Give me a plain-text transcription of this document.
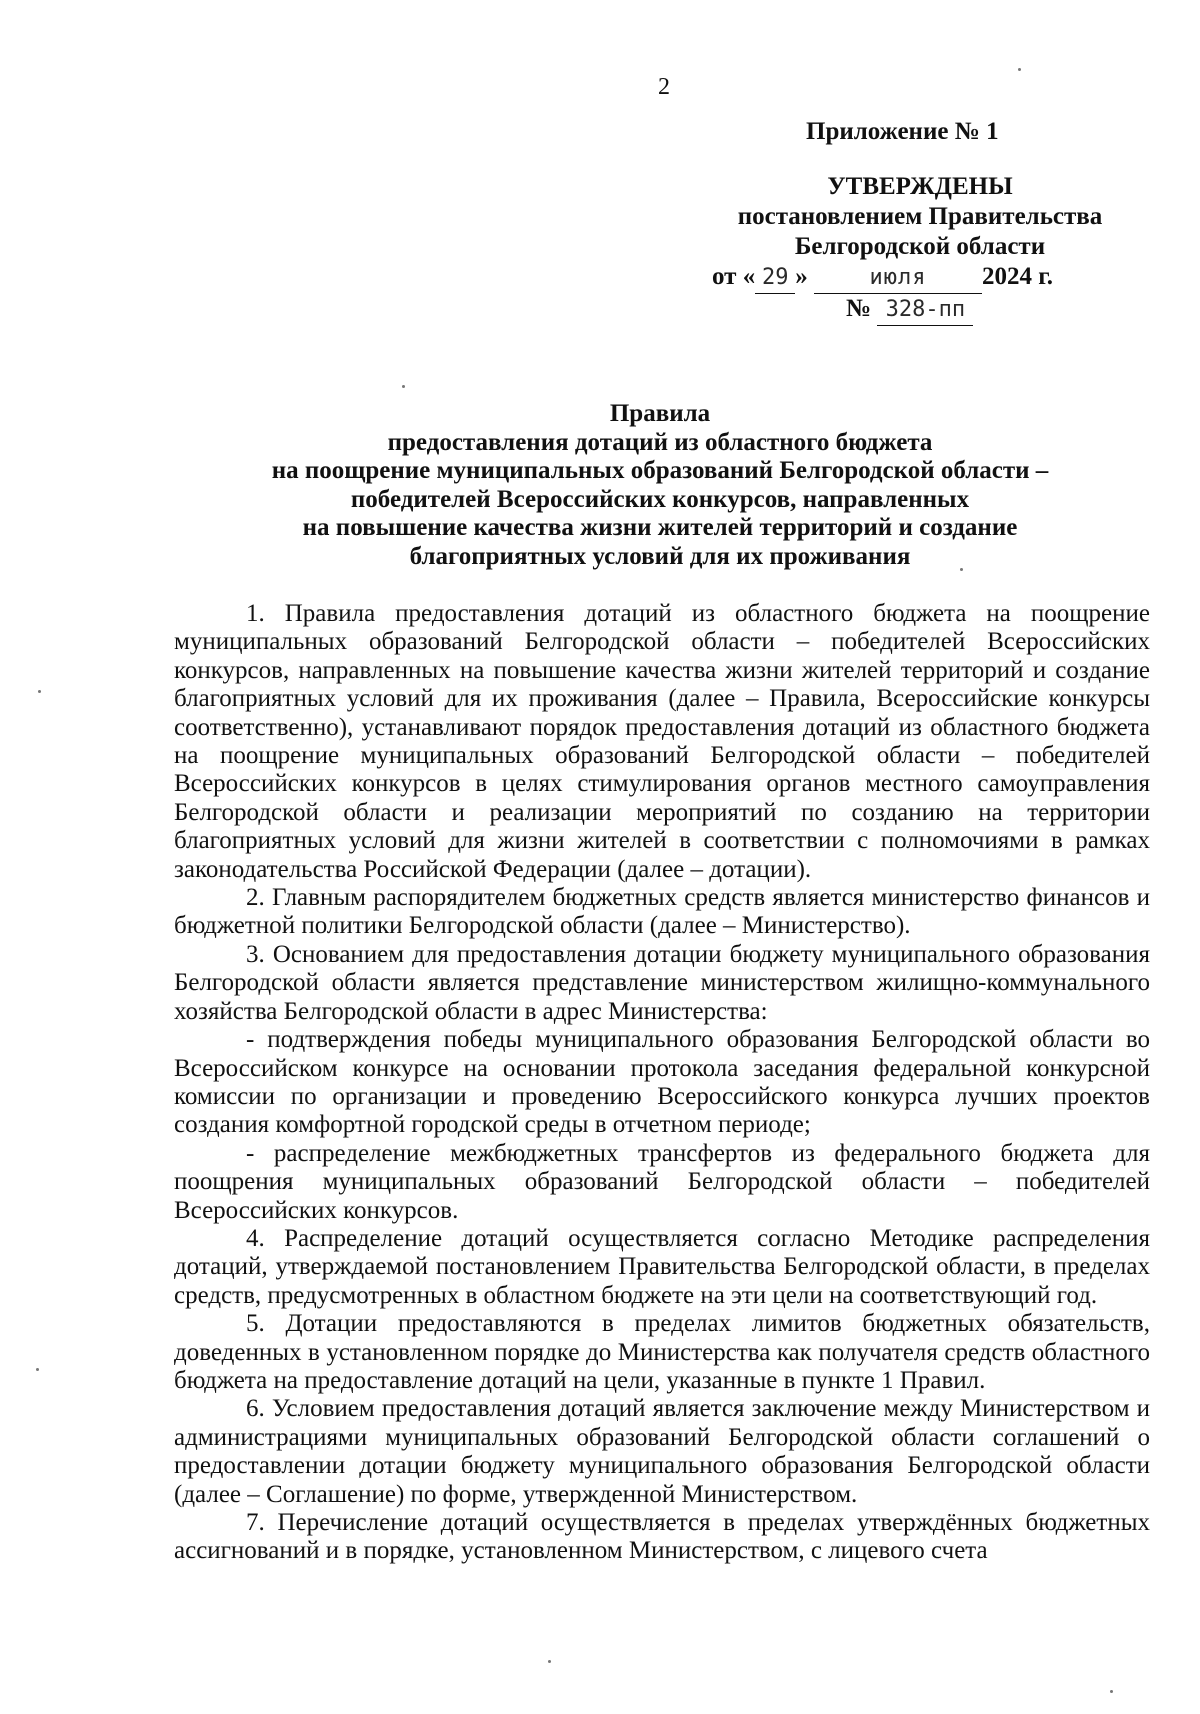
2
Приложение № 1
УТВЕРЖДЕНЫ
постановлением Правительства
Белгородской области
от « 29 »	июля 2024 г.
№ 328-пп
Правила
предоставления дотаций из областного бюджета
на поощрение муниципальных образований Белгородской области –
победителей Всероссийских конкурсов, направленных
на повышение качества жизни жителей территорий и создание
благоприятных условий для их проживания

1. Правила предоставления дотаций из областного бюджета на поощрение муниципальных образований Белгородской области – победителей Всероссийских конкурсов, направленных на повышение качества жизни жителей территорий и создание благоприятных условий для их проживания (далее – Правила, Всероссийские конкурсы соответственно), устанавливают порядок предоставления дотаций из областного бюджета на поощрение муниципальных образований Белгородской области – победителей Всероссийских конкурсов в целях стимулирования органов местного самоуправления Белгородской области и реализации мероприятий по созданию на территории благоприятных условий для жизни жителей в соответствии с полномочиями в рамках законодательства Российской Федерации (далее – дотации).

2. Главным распорядителем бюджетных средств является министерство финансов и бюджетной политики Белгородской области (далее – Министерство).

3. Основанием для предоставления дотации бюджету муниципального образования Белгородской области является представление министерством жилищно-коммунального хозяйства Белгородской области в адрес Министерства:

- подтверждения победы муниципального образования Белгородской области во Всероссийском конкурсе на основании протокола заседания федеральной конкурсной комиссии по организации и проведению Всероссийского конкурса лучших проектов создания комфортной городской среды в отчетном периоде;

- распределение межбюджетных трансфертов из федерального бюджета для поощрения муниципальных образований Белгородской области – победителей Всероссийских конкурсов.

4. Распределение дотаций осуществляется согласно Методике распределения дотаций, утверждаемой постановлением Правительства Белгородской области, в пределах средств, предусмотренных в областном бюджете на эти цели на соответствующий год.

5. Дотации предоставляются в пределах лимитов бюджетных обязательств, доведенных в установленном порядке до Министерства как получателя средств областного бюджета на предоставление дотаций на цели, указанные в пункте 1 Правил.

6. Условием предоставления дотаций является заключение между Министерством и администрациями муниципальных образований Белгородской области соглашений о предоставлении дотации бюджету муниципального образования Белгородской области (далее – Соглашение) по форме, утвержденной Министерством.

7. Перечисление дотаций осуществляется в пределах утверждённых бюджетных ассигнований и в порядке, установленном Министерством, с лицевого счета
